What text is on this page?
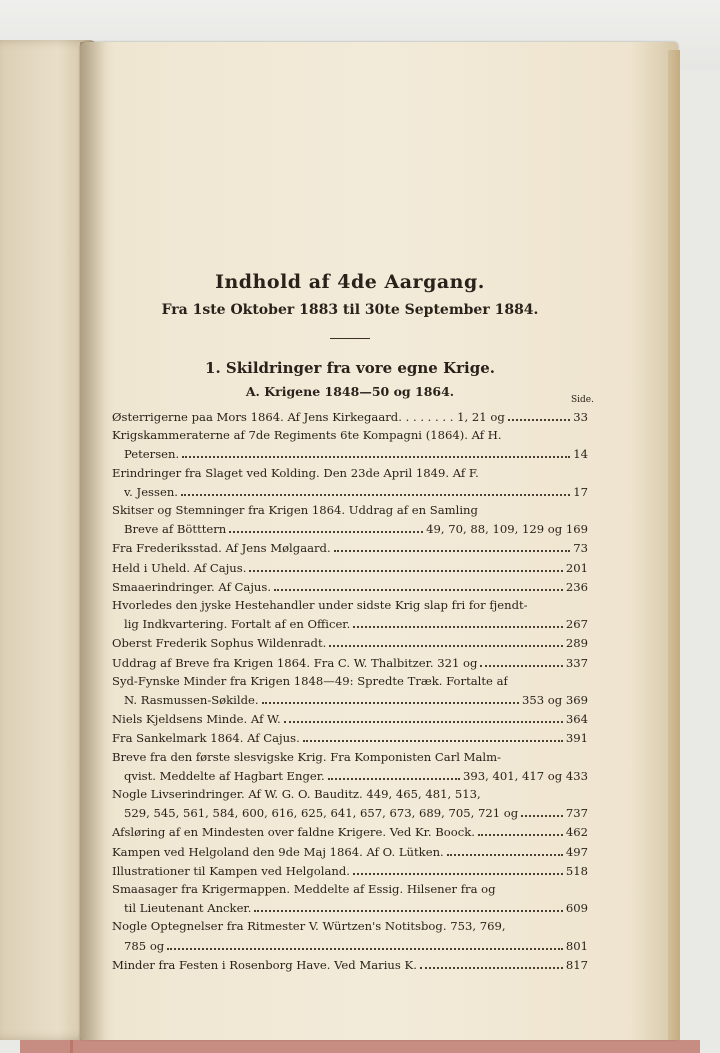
Indhold af 4de Aargang.

Fra 1ste Oktober 1883 til 30te September 1884.

1. Skildringer fra vore egne Krige.
A. Krigene 1848—50 og 1864.
Side.
Østerrigerne paa Mors 1864. Af Jens Kirkegaard. . . . . . . . 1, 21 og	33
Krigskammeraterne af 7de Regiments 6te Kompagni (1864). Af H.
Petersen.	14
Erindringer fra Slaget ved Kolding. Den 23de April 1849. Af F.
v. Jessen.	17
Skitser og Stemninger fra Krigen 1864. Uddrag af en Samling
Breve af Bötttern	49, 70, 88, 109, 129 og 169
Fra Frederiksstad. Af Jens Mølgaard.	73
Held i Uheld. Af Cajus.	201
Smaaerindringer. Af Cajus.	236
Hvorledes den jyske Hestehandler under sidste Krig slap fri for fjendt-
lig Indkvartering. Fortalt af en Officer.	267
Oberst Frederik Sophus Wildenradt.	289
Uddrag af Breve fra Krigen 1864. Fra C. W. Thalbitzer. 321 og	337
Syd-Fynske Minder fra Krigen 1848—49: Spredte Træk. Fortalte af
N. Rasmussen-Søkilde.	353 og 369
Niels Kjeldsens Minde. Af W.	364
Fra Sankelmark 1864. Af Cajus.	391
Breve fra den første slesvigske Krig. Fra Komponisten Carl Malm-
qvist. Meddelte af Hagbart Enger.	393, 401, 417 og 433
Nogle Livserindringer. Af W. G. O. Bauditz. 449, 465, 481, 513,
529, 545, 561, 584, 600, 616, 625, 641, 657, 673, 689, 705, 721 og	737
Afsløring af en Mindesten over faldne Krigere. Ved Kr. Boock.	462
Kampen ved Helgoland den 9de Maj 1864. Af O. Lütken.	497
Illustrationer til Kampen ved Helgoland.	518
Smaasager fra Krigermappen. Meddelte af Essig. Hilsener fra og
til Lieutenant Ancker.	609
Nogle Optegnelser fra Ritmester V. Würtzen's Notitsbog. 753, 769,
785 og	801
Minder fra Festen i Rosenborg Have. Ved Marius K.	817
